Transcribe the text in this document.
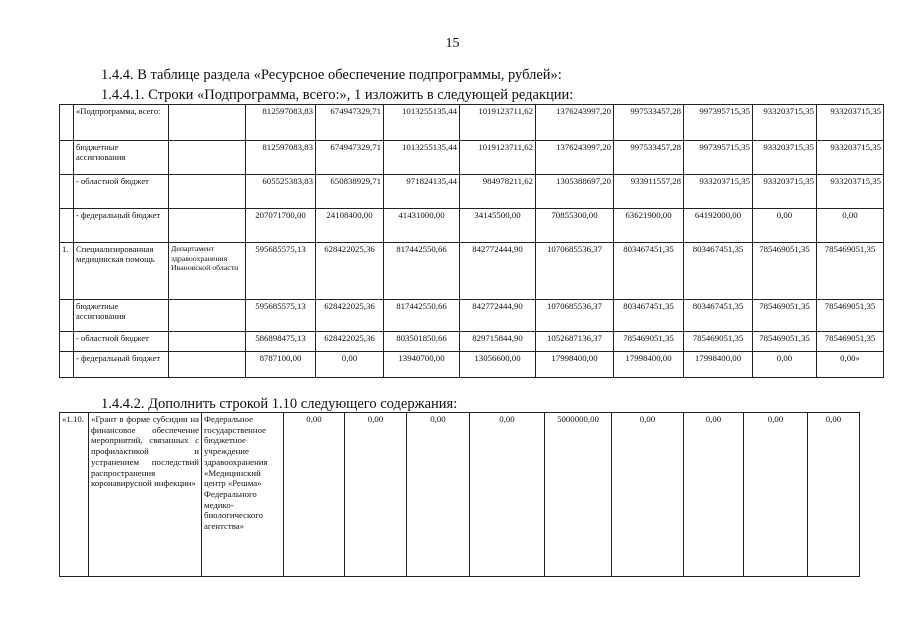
15
1.4.4. В таблице раздела «Ресурсное обеспечение подпрограммы, рублей»:
1.4.4.1. Строки «Подпрограмма, всего:», 1 изложить в следующей редакции:
	«Подпрограмма, всего:		812597083,83	674947329,71	1013255135,44	1019123711,62	1376243997,20	997533457,28	997395715,35	933203715,35	933203715,35
	бюджетные ассигнования		812597083,83	674947329,71	1013255135,44	1019123711,62	1376243997,20	997533457,28	997395715,35	933203715,35	933203715,35
	- областной бюджет		605525383,83	650838929,71	971824135,44	984978211,62	1305388697,20	933911557,28	933203715,35	933203715,35	933203715,35
	- федеральный бюджет		207071700,00	24108400,00	41431000,00	34145500,00	70855300,00	63621900,00	64192000,00	0,00	0,00
1.	Специализированная медицинская помощь	Департамент здравоохранения Ивановской области	595685575,13	628422025,36	817442550,66	842772444,90	1070685536,37	803467451,35	803467451,35	785469051,35	785469051,35
	бюджетные ассигнования		595685575,13	628422025,36	817442550,66	842772444,90	1070685536,37	803467451,35	803467451,35	785469051,35	785469051,35
	- областной бюджет		586898475,13	628422025,36	803501850,66	829715844,90	1052687136,37	785469051,35	785469051,35	785469051,35	785469051,35
	- федеральный бюджет		8787100,00	0,00	13940700,00	13056600,00	17998400,00	17998400,00	17998400,00	0,00	0,00»
1.4.4.2. Дополнить строкой 1.10 следующего содержания:
«1.10.	«Грант в форме субсидии на финансовое обеспечение мероприятий, связанных с профилактикой и устранением последствий распространения коронавирусной инфекции»	Федеральное государственное бюджетное учреждение здравоохранения «Медицинский центр «Решма» Федерального медико-биологического агентства»	0,00	0,00	0,00	0,00	5000000,00	0,00	0,00	0,00	0,00
